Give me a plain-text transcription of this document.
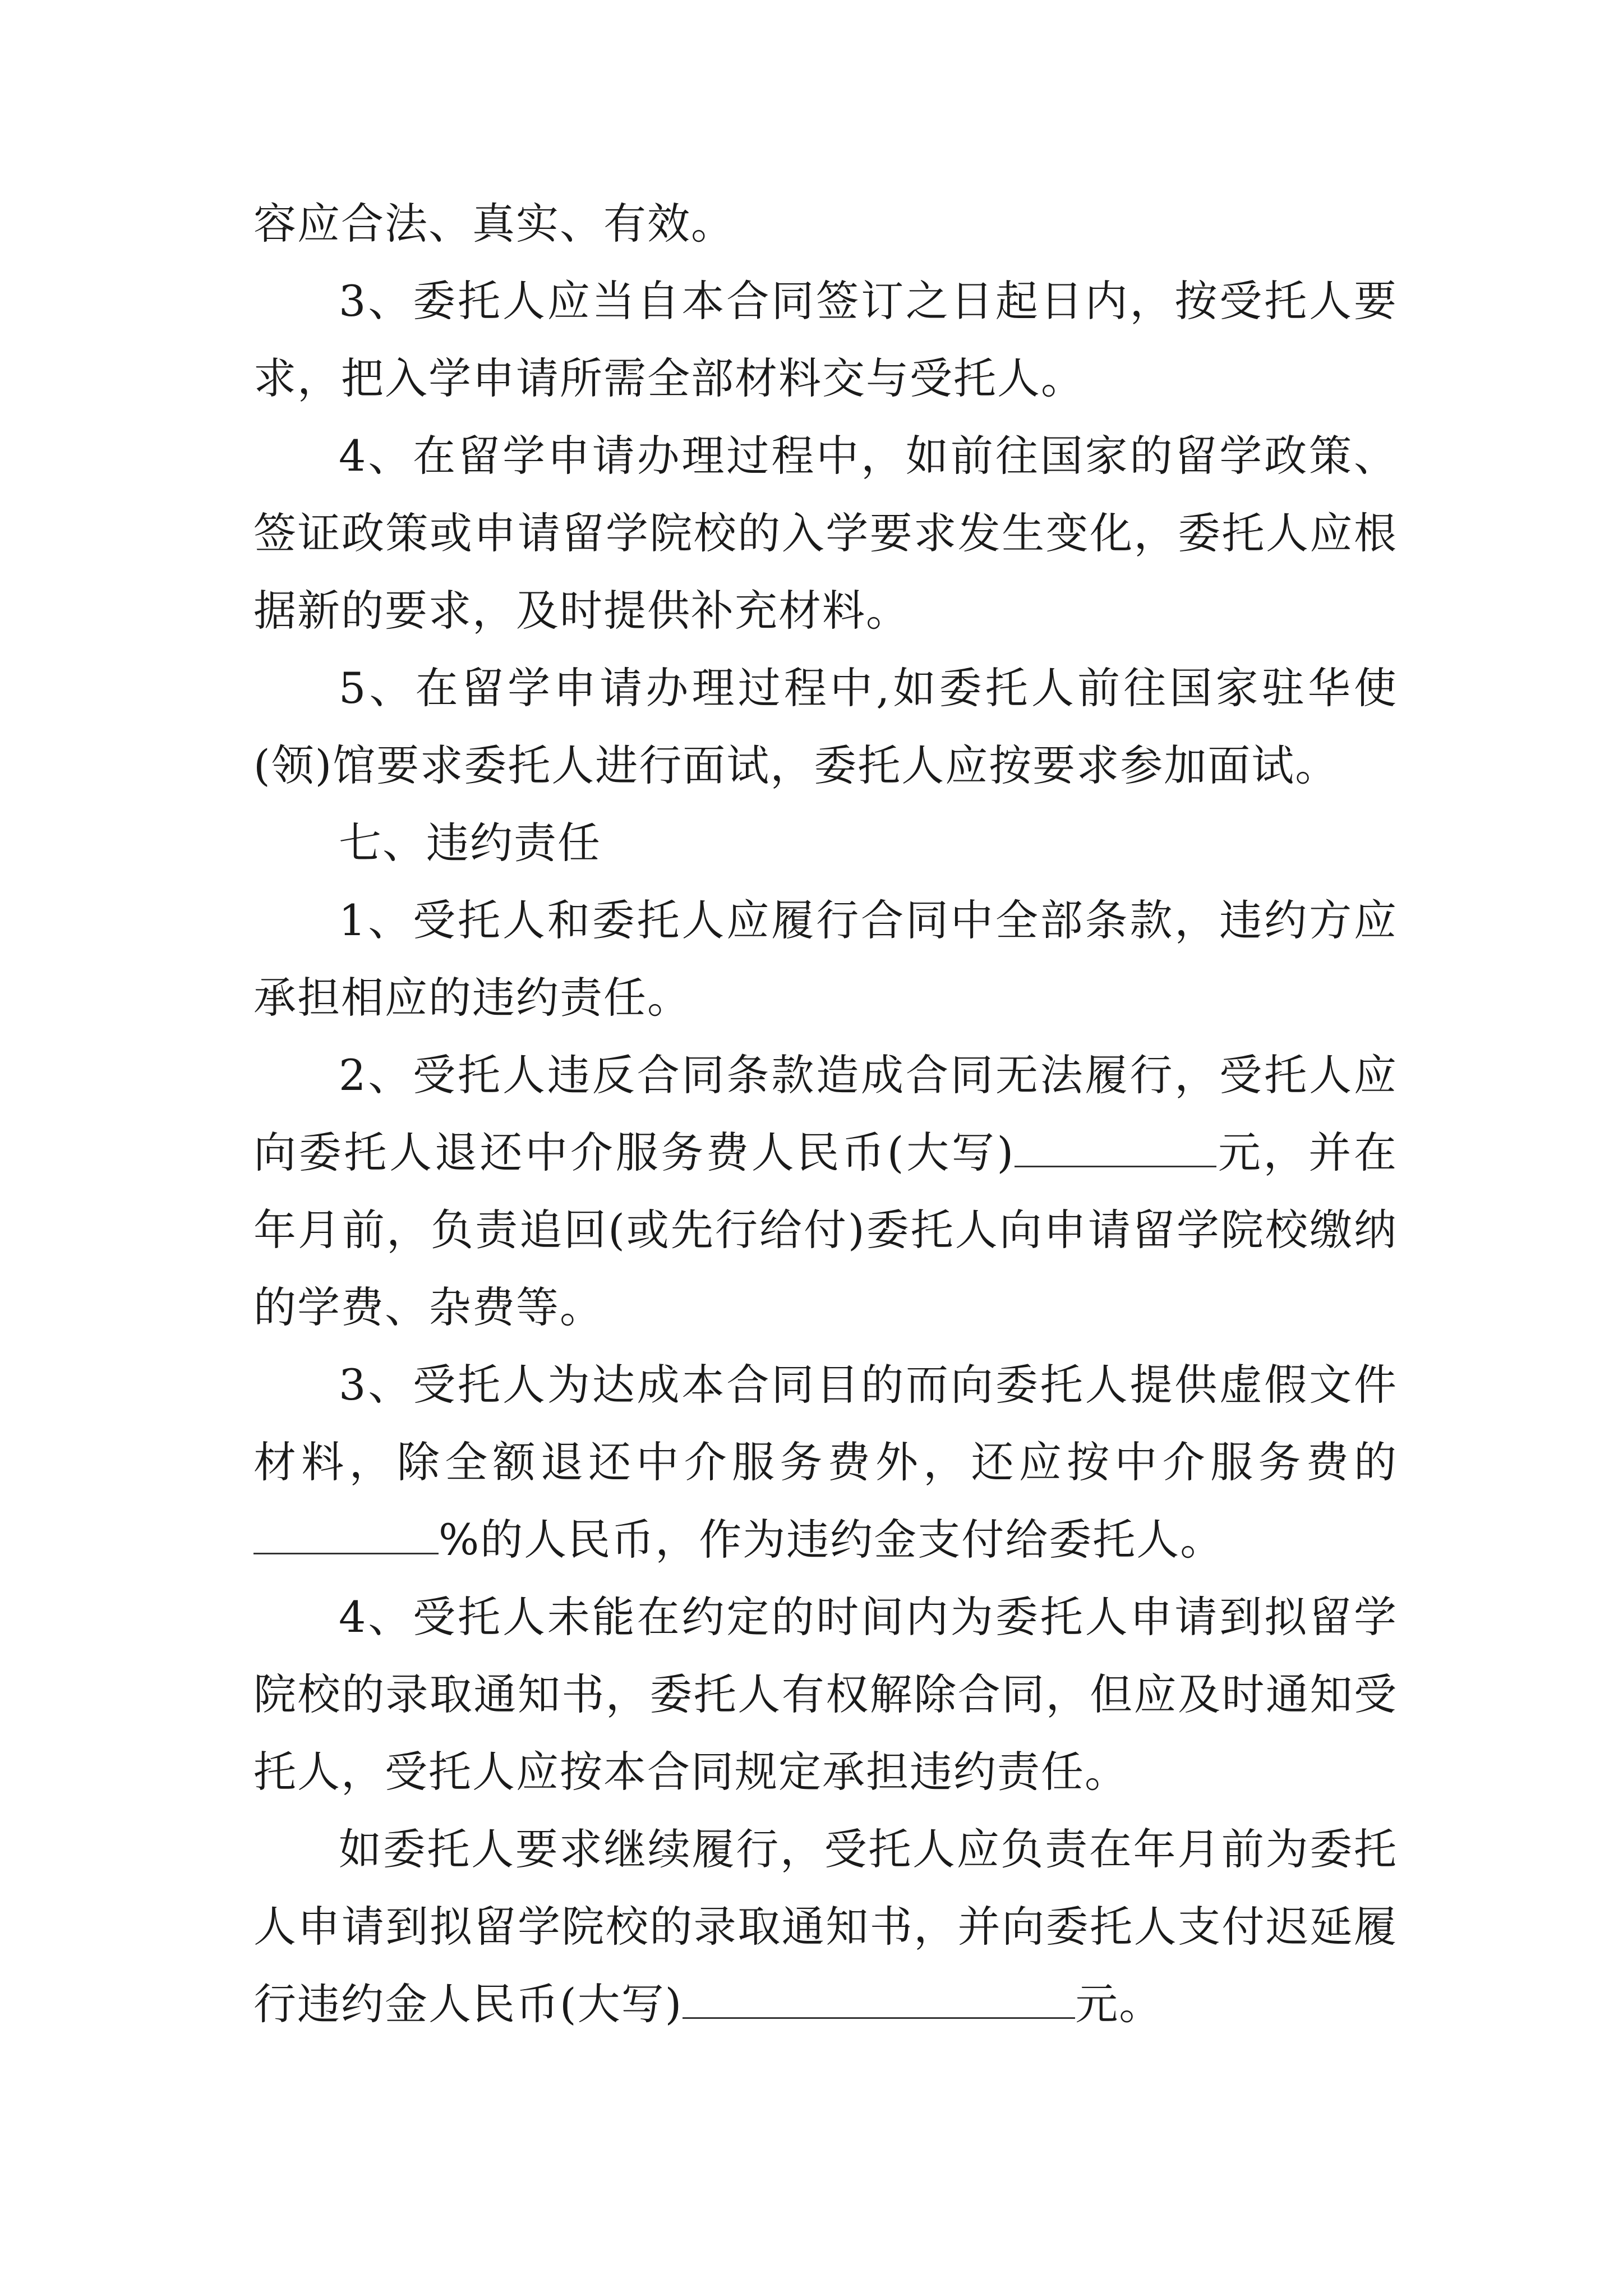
容应合法、真实、有效。

3、委托人应当自本合同签订之日起日内，按受托人要求，把入学申请所需全部材料交与受托人。

4、在留学申请办理过程中，如前往国家的留学政策、签证政策或申请留学院校的入学要求发生变化，委托人应根据新的要求，及时提供补充材料。

5、在留学申请办理过程中,如委托人前往国家驻华使(领)馆要求委托人进行面试，委托人应按要求参加面试。

七、违约责任

1、受托人和委托人应履行合同中全部条款，违约方应承担相应的违约责任。

2、受托人违反合同条款造成合同无法履行，受托人应向委托人退还中介服务费人民币(大写)	元，并在年月前，负责追回(或先行给付)委托人向申请留学院校缴纳的学费、杂费等。

3、受托人为达成本合同目的而向委托人提供虚假文件材料，除全额退还中介服务费外，还应按中介服务费的%的人民币，作为违约金支付给委托人。

4、受托人未能在约定的时间内为委托人申请到拟留学院校的录取通知书，委托人有权解除合同，但应及时通知受托人，受托人应按本合同规定承担违约责任。

如委托人要求继续履行，受托人应负责在年月前为委托人申请到拟留学院校的录取通知书，并向委托人支付迟延履行违约金人民币(大写)	元。
